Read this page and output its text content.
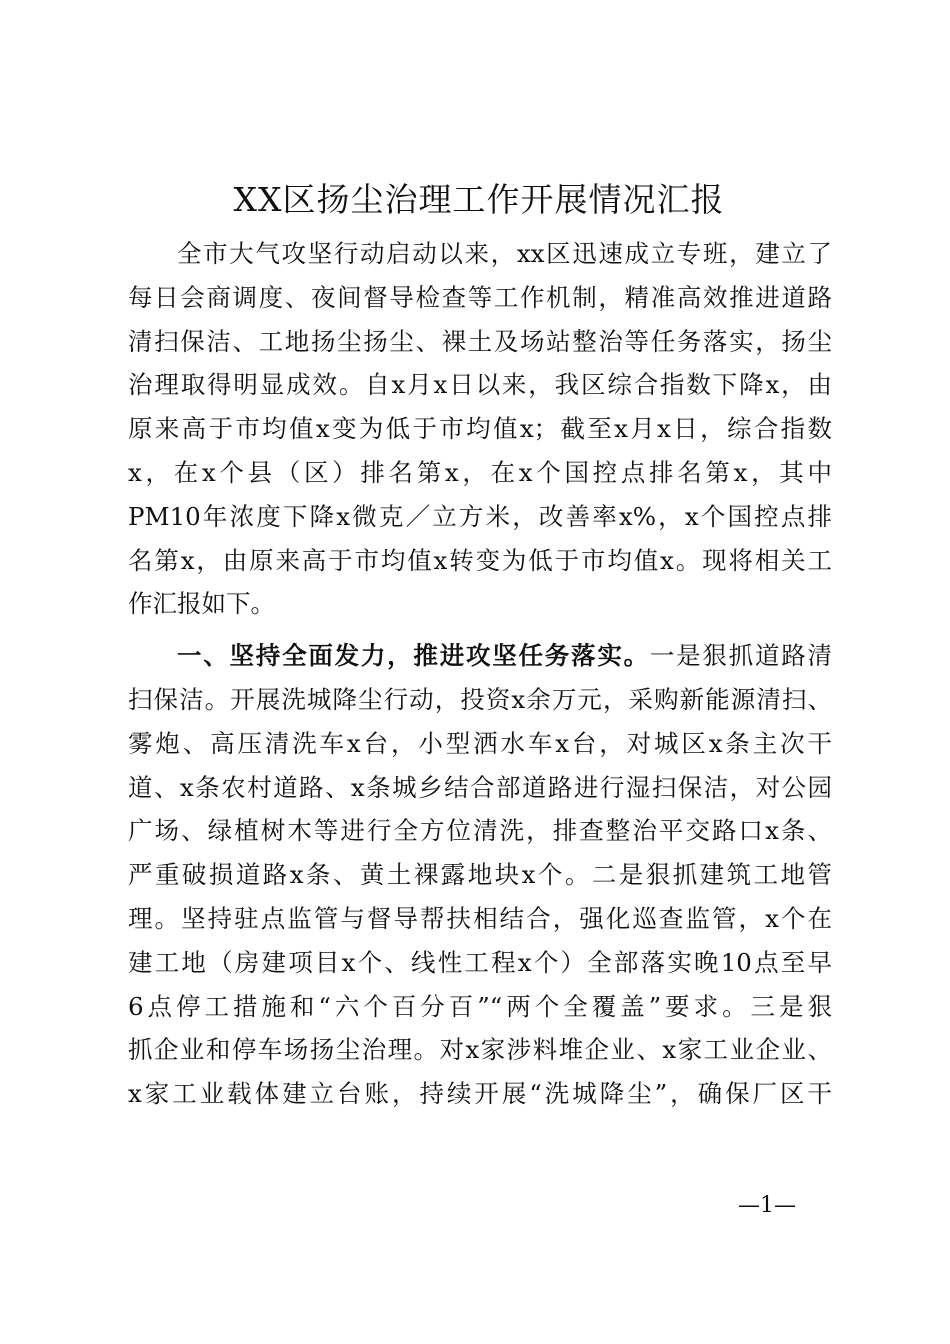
XX区扬尘治理工作开展情况汇报
全市大气攻坚行动启动以来，xx区迅速成立专班，建立了
每日会商调度、夜间督导检查等工作机制，精准高效推进道路
清扫保洁、工地扬尘扬尘、裸土及场站整治等任务落实，扬尘
治理取得明显成效。自x月x日以来，我区综合指数下降x，由
原来高于市均值x变为低于市均值x；截至x月x日，综合指数
x，在x个县（区）排名第x，在x个国控点排名第x，其中
PM10年浓度下降x微克／立方米，改善率x%，x个国控点排
名第x，由原来高于市均值x转变为低于市均值x。现将相关工
作汇报如下。
一、坚持全面发力，推进攻坚任务落实。一是狠抓道路清
扫保洁。开展洗城降尘行动，投资x余万元，采购新能源清扫、
雾炮、高压清洗车x台，小型洒水车x台，对城区x条主次干
道、x条农村道路、x条城乡结合部道路进行湿扫保洁，对公园
广场、绿植树木等进行全方位清洗，排查整治平交路口x条、
严重破损道路x条、黄土裸露地块x个。二是狠抓建筑工地管
理。坚持驻点监管与督导帮扶相结合，强化巡查监管，x个在
建工地（房建项目x个、线性工程x个）全部落实晚10点至早
6点停工措施和“六个百分百”“两个全覆盖”要求。三是狠
抓企业和停车场扬尘治理。对x家涉料堆企业、x家工业企业、
x家工业载体建立台账，持续开展“洗城降尘”，确保厂区干
—1—
